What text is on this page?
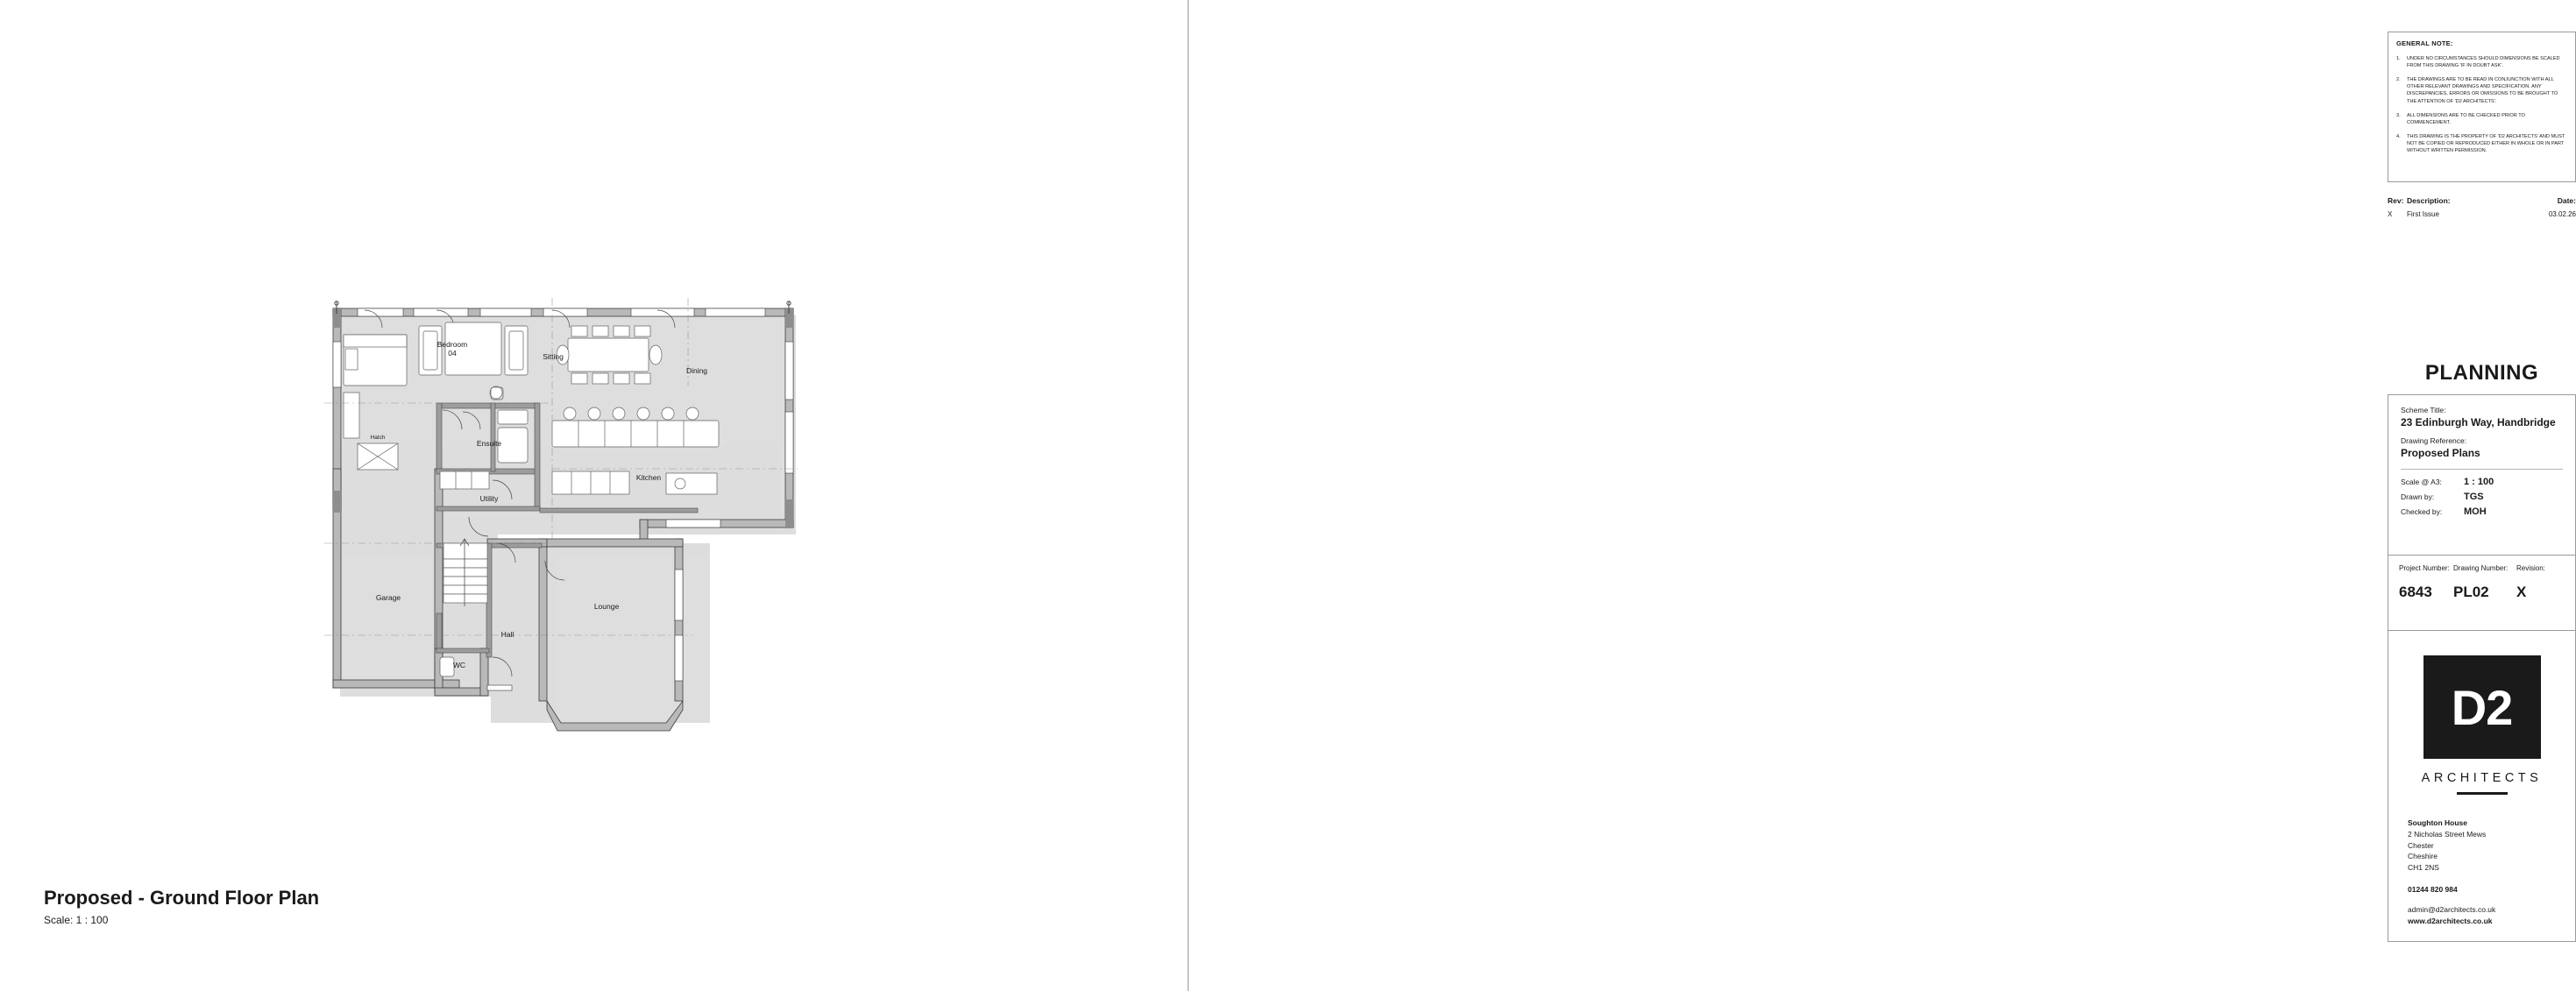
Bedroom
04	Sitting
Dining
Ensuite
Kitchen
Utility
Hatch
Garage
Lounge
Hall
WC
GENERAL NOTE:
1.	UNDER NO CIRCUMSTANCES SHOULD DIMENSIONS BE SCALED FROM THIS DRAWING 'IF IN DOUBT ASK'.
2.	THE DRAWINGS ARE TO BE READ IN CONJUNCTION WITH ALL OTHER RELEVANT DRAWINGS AND SPECIFICATION. ANY DISCREPANCIES, ERRORS OR OMISSIONS TO BE BROUGHT TO THE ATTENTION OF 'D2 ARCHITECTS'.
3.	ALL DIMENSIONS ARE TO BE CHECKED PRIOR TO COMMENCEMENT.
4.	THIS DRAWING IS THE PROPERTY OF 'D2 ARCHITECTS' AND MUST NOT BE COPIED OR REPRODUCED EITHER IN WHOLE OR IN PART WITHOUT WRITTEN PERMISSION.
Rev: Description:	Date:
X	First Issue	03.02.26
PLANNING
Scheme Title:
23 Edinburgh Way, Handbridge
Drawing Reference:
Proposed Plans
Scale @ A3:	1 : 100
Drawn by:	TGS
Checked by:	MOH
Project Number: Drawing Number:	Revision:
6843	PL02	X
D2
ARCHITECTS
Soughton House
2 Nicholas Street Mews
Chester
Cheshire
CH1 2NS
01244 820 984
admin@d2architects.co.uk
www.d2architects.co.uk
Proposed - Ground Floor Plan
Scale: 1 : 100
